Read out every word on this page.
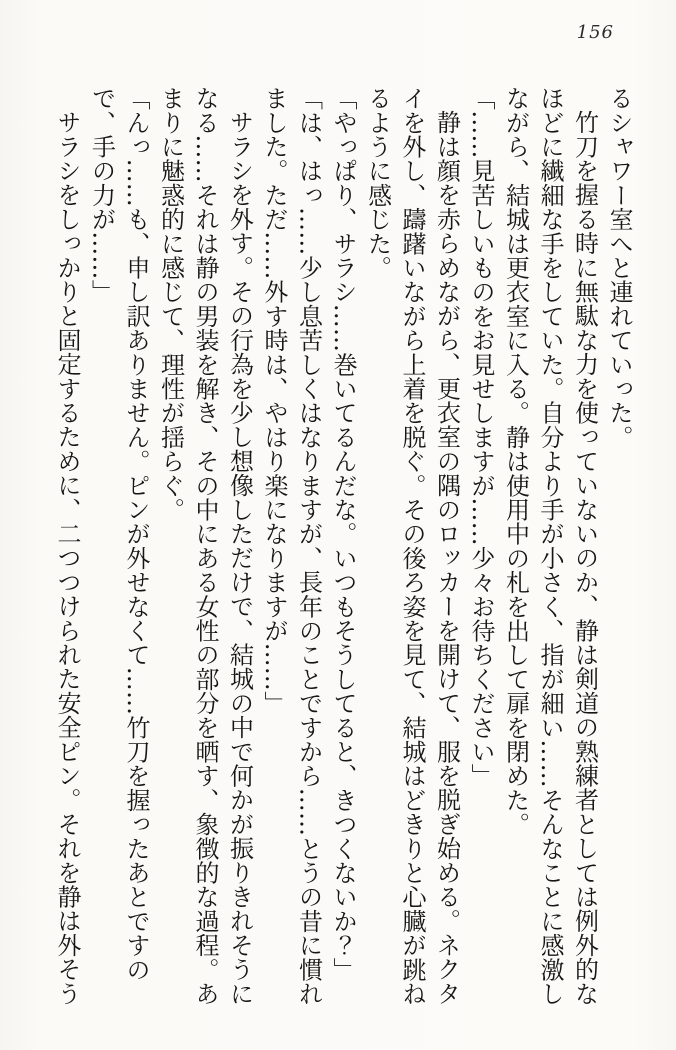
156

るシャワー室へと連れていった。

竹刀を握る時に無駄な力を使っていないのか、静は剣道の熟練者としては例外的なほどに繊細な手をしていた。自分より手が小さく、指が細い……そんなことに感激しながら、結城は更衣室に入る。静は使用中の札を出して扉を閉めた。

「……見苦しいものをお見せしますが……少々お待ちください」

静は顔を赤らめながら、更衣室の隅のロッカーを開けて、服を脱ぎ始める。ネクタイを外し、躊躇いながら上着を脱ぐ。その後ろ姿を見て、結城はどきりと心臓が跳ねるように感じた。

「やっぱり、サラシ……巻いてるんだな。いつもそうしてると、きつくないか？」

「は、はっ……少し息苦しくはなりますが、長年のことですから……とうの昔に慣れました。ただ……外す時は、やはり楽になりますが……」

サラシを外す。その行為を少し想像しただけで、結城の中で何かが振りきれそうになる……それは静の男装を解き、その中にある女性の部分を晒す、象徴的な過程。あまりに魅惑的に感じて、理性が揺らぐ。

「んっ……も、申し訳ありません。ピンが外せなくて……竹刀を握ったあとですので、手の力が……」

サラシをしっかりと固定するために、二つつけられた安全ピン。それを静は外そう
